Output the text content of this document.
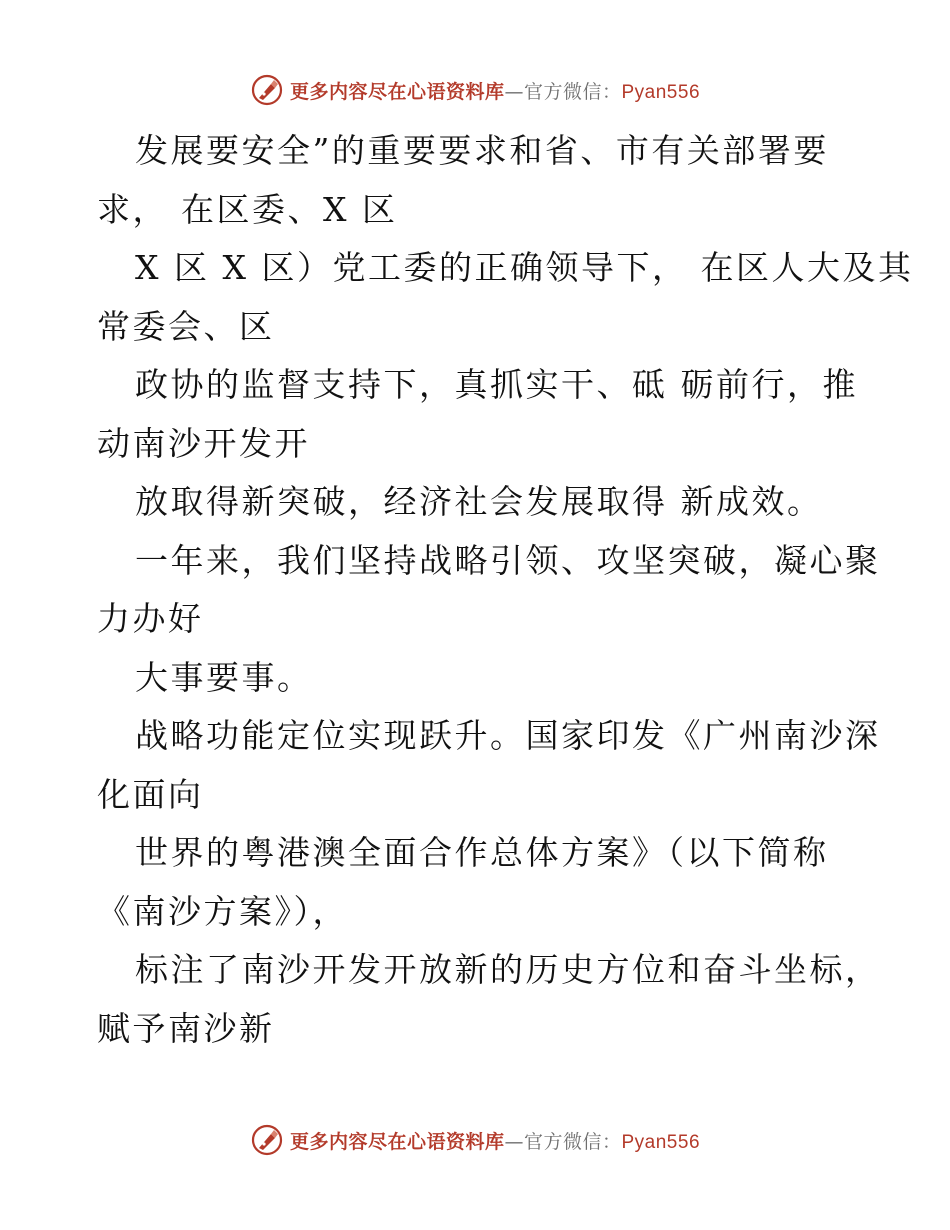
更多内容尽在心语资料库—官方微信：Pyan556
发展要安全”的重要要求和省、市有关部署要
求， 在区委、X 区
X 区 X 区）党工委的正确领导下， 在区人大及其
常委会、区
政协的监督支持下，真抓实干、砥 砺前行，推
动南沙开发开
放取得新突破，经济社会发展取得 新成效。
一年来，我们坚持战略引领、攻坚突破，凝心聚
力办好
大事要事。
战略功能定位实现跃升。国家印发《广州南沙深
化面向
世界的粤港澳全面合作总体方案》（以下简称
《南沙方案》），
标注了南沙开发开放新的历史方位和奋斗坐标，
赋予南沙新
更多内容尽在心语资料库—官方微信：Pyan556
